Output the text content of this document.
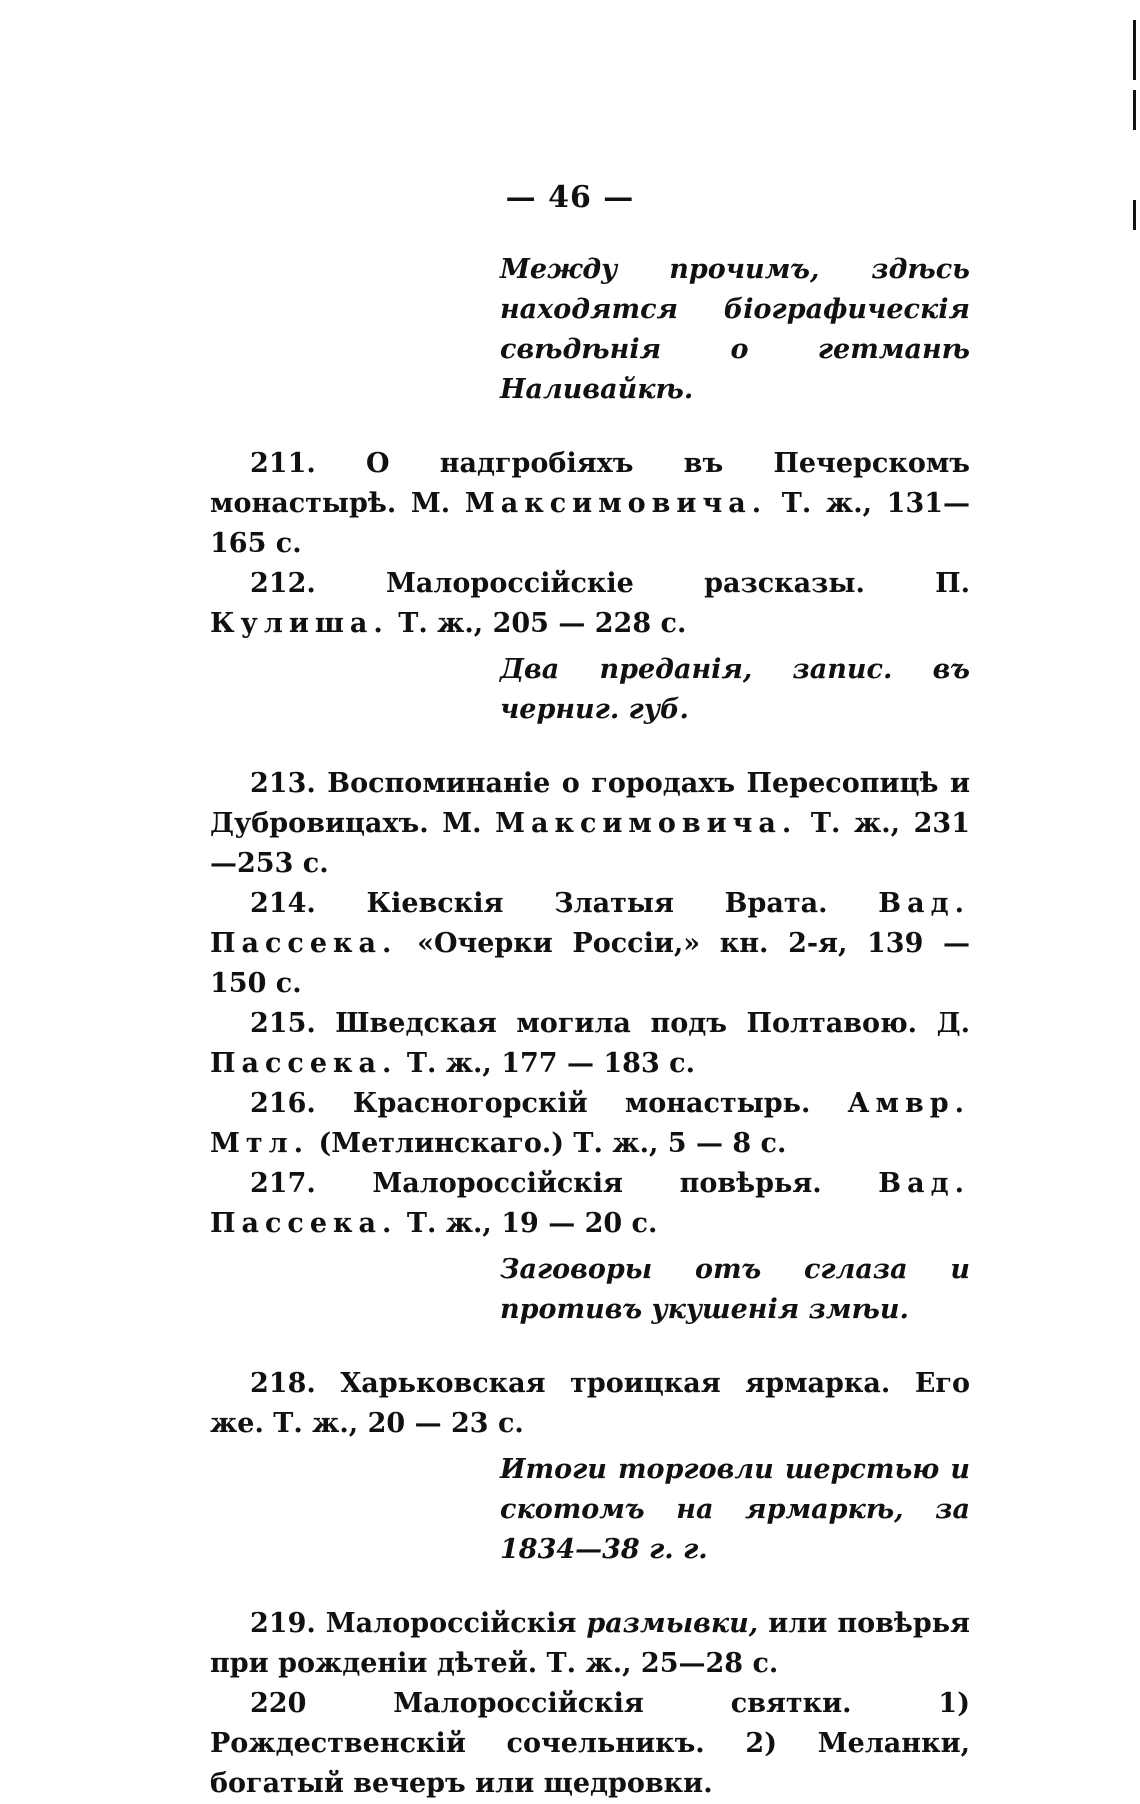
— 46 —

Между прочимъ, здѣсь находятся біографическія свѣдѣнія о гетманѣ Наливайкѣ.

211. О надгробіяхъ въ Печерскомъ монастырѣ. М. Максимовича. Т. ж., 131—165 с.

212. Малороссійскіе разсказы. П. Кулиша. Т. ж., 205 — 228 с.

Два преданія, запис. въ черниг. губ.

213. Воспоминаніе о городахъ Пересопицѣ и Дубровицахъ. М. Максимовича. Т. ж., 231—253 с.

214. Кіевскія Златыя Врата. Вад. Пассека. «Очерки Россіи,» кн. 2-я, 139 — 150 с.

215. Шведская могила подъ Полтавою. Д. Пассека. Т. ж., 177 — 183 с.

216. Красногорскій монастырь. Амвр. Мтл. (Метлинскаго.) Т. ж., 5 — 8 с.

217. Малороссійскія повѣрья. Вад. Пассека. Т. ж., 19 — 20 с.

Заговоры отъ сглаза и противъ укушенія змѣи.

218. Харьковская троицкая ярмарка. Его же. Т. ж., 20 — 23 с.

Итоги торговли шерстью и скотомъ на ярмаркѣ, за 1834—38 г. г.

219. Малороссійскія размывки, или повѣрья при рожденіи дѣтей. Т. ж., 25—28 с.

220 Малороссійскія святки. 1) Рождественскій сочельникъ. 2) Меланки, богатый вечеръ или щедровки.
